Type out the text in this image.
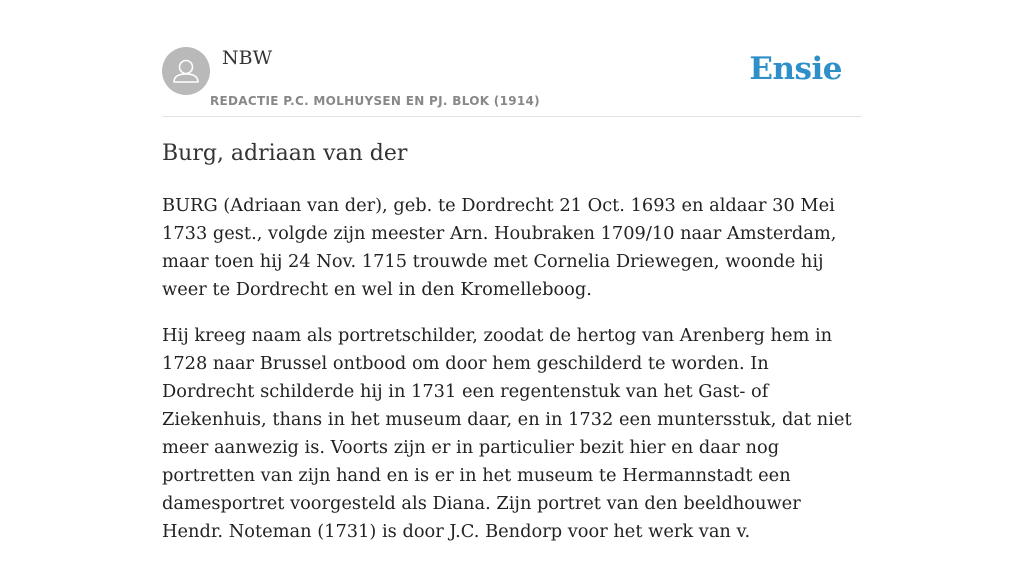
NBW
REDACTIE P.C. MOLHUYSEN EN PJ. BLOK (1914)
Ensie
Burg, adriaan van der

BURG (Adriaan van der), geb. te Dordrecht 21 Oct. 1693 en aldaar 30 Mei 1733 gest., volgde zijn meester Arn. Houbraken 1709/10 naar Amsterdam, maar toen hij 24 Nov. 1715 trouwde met Cornelia Driewegen, woonde hij weer te Dordrecht en wel in den Kromelleboog.

Hij kreeg naam als portretschilder, zoodat de hertog van Arenberg hem in 1728 naar Brussel ontbood om door hem geschilderd te worden. In Dordrecht schilderde hij in 1731 een regentenstuk van het Gast- of Ziekenhuis, thans in het museum daar, en in 1732 een muntersstuk, dat niet meer aanwezig is. Voorts zijn er in particulier bezit hier en daar nog portretten van zijn hand en is er in het museum te Hermannstadt een damesportret voorgesteld als Diana. Zijn portret van den beeldhouwer Hendr. Noteman (1731) is door J.C. Bendorp voor het werk van v.
